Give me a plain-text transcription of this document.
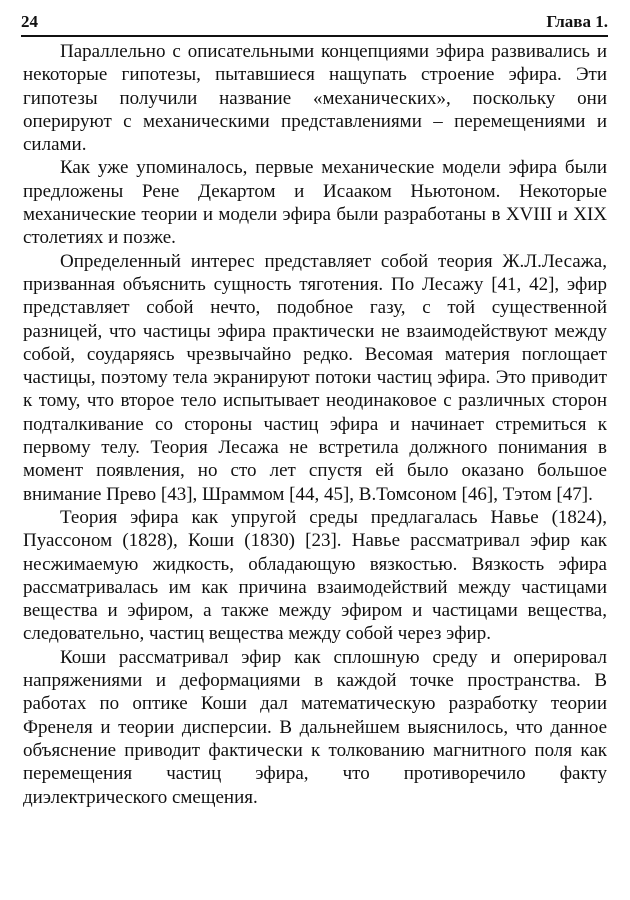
24	Глава 1.

Параллельно с описательными концепциями эфира развивались и некоторые гипотезы, пытавшиеся нащупать строение эфира. Эти гипотезы получили название «механических», поскольку они оперируют с механическими представлениями – перемещениями и силами.

Как уже упоминалось, первые механические модели эфира были предложены Рене Декартом и Исааком Ньютоном. Некоторые механические теории и модели эфира были разработаны в XVIII и XIX столетиях и позже.

Определенный интерес представляет собой теория Ж.Л.Лесажа, призванная объяснить сущность тяготения. По Лесажу [41, 42], эфир представляет собой нечто, подобное газу, с той существенной разницей, что частицы эфира практически не взаимодействуют между собой, соударяясь чрезвычайно редко. Весомая материя поглощает частицы, поэтому тела экранируют потоки частиц эфира. Это приводит к тому, что второе тело испытывает неодинаковое с различных сторон подталкивание со стороны частиц эфира и начинает стремиться к первому телу. Теория Лесажа не встретила должного понимания в момент появления, но сто лет спустя ей было оказано большое внимание Прево [43], Шраммом [44, 45], В.Томсоном [46], Тэтом [47].

Теория эфира как упругой среды предлагалась Навье (1824), Пуассоном (1828), Коши (1830) [23]. Навье рассматривал эфир как несжимаемую жидкость, обладающую вязкостью. Вязкость эфира рассматривалась им как причина взаимодействий между частицами вещества и эфиром, а также между эфиром и частицами вещества, следовательно, частиц вещества между собой через эфир.

Коши рассматривал эфир как сплошную среду и оперировал напряжениями и деформациями в каждой точке пространства. В работах по оптике Коши дал математическую разработку теории Френеля и теории дисперсии. В дальнейшем выяснилось, что данное объяснение приводит фактически к толкованию магнитного поля как перемещения частиц эфира, что противоречило факту диэлектрического смещения.
